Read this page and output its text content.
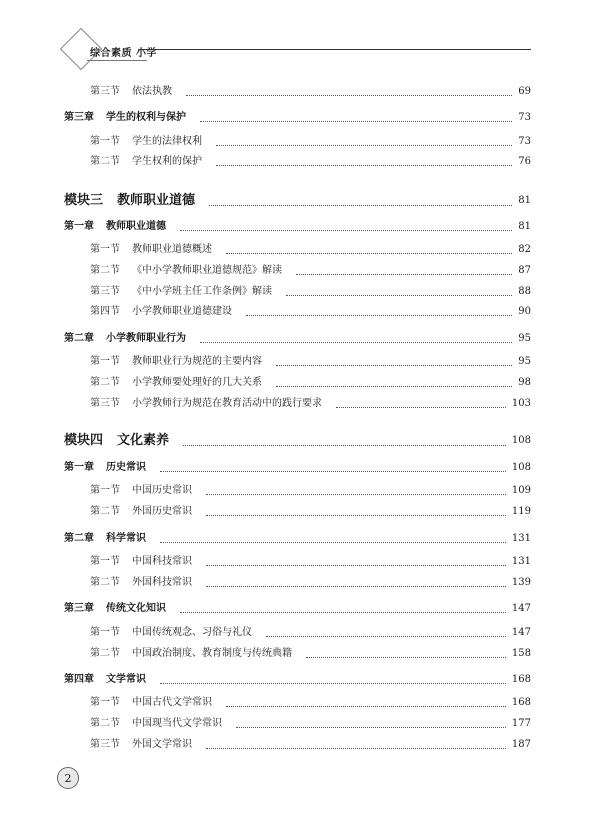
综合素质 小学
第三节 依法执教	69
第三章 学生的权利与保护	73
第一节 学生的法律权利	73
第二节 学生权利的保护	76
模块三 教师职业道德	81
第一章 教师职业道德	81
第一节 教师职业道德概述	82
第二节 《中小学教师职业道德规范》解读	87
第三节 《中小学班主任工作条例》解读	88
第四节 小学教师职业道德建设	90
第二章 小学教师职业行为	95
第一节 教师职业行为规范的主要内容	95
第二节 小学教师要处理好的几大关系	98
第三节 小学教师行为规范在教育活动中的践行要求	103
模块四 文化素养	108
第一章 历史常识	108
第一节 中国历史常识	109
第二节 外国历史常识	119
第二章 科学常识	131
第一节 中国科技常识	131
第二节 外国科技常识	139
第三章 传统文化知识	147
第一节 中国传统观念、习俗与礼仪	147
第二节 中国政治制度、教育制度与传统典籍	158
第四章 文学常识	168
第一节 中国古代文学常识	168
第二节 中国现当代文学常识	177
第三节 外国文学常识	187
2
